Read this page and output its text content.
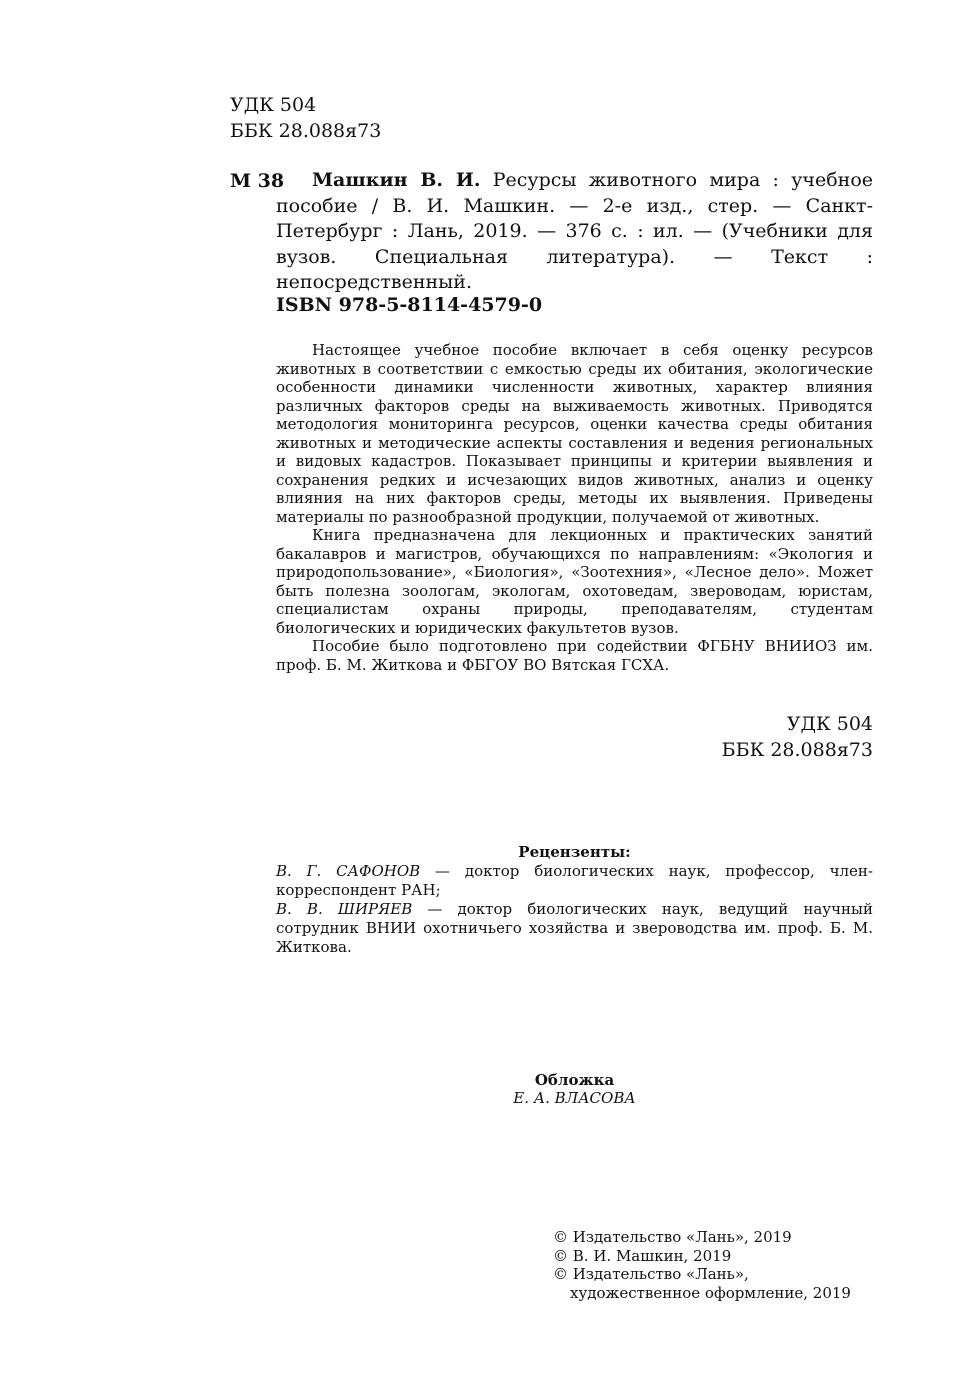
УДК 504
ББК 28.088я73
М 38	Машкин В. И. Ресурсы животного мира : учебное пособие / В. И. Машкин. — 2-е изд., стер. — Санкт-Петербург : Лань, 2019. — 376 с. : ил. — (Учебники для вузов. Специальная литература). — Текст : непосредственный.
ISBN 978-5-8114-4579-0

Настоящее учебное пособие включает в себя оценку ресурсов животных в соответствии с емкостью среды их обитания, экологические особенности динамики численности животных, характер влияния различных факторов среды на выживаемость животных. Приводятся методология мониторинга ресурсов, оценки качества среды обитания животных и методические аспекты составления и ведения региональных и видовых кадастров. Показывает принципы и критерии выявления и сохранения редких и исчезающих видов животных, анализ и оценку влияния на них факторов среды, методы их выявления. Приведены материалы по разнообразной продукции, получаемой от животных.

Книга предназначена для лекционных и практических занятий бакалавров и магистров, обучающихся по направлениям: «Экология и природопользование», «Биология», «Зоотехния», «Лесное дело». Может быть полезна зоологам, экологам, охотоведам, звероводам, юристам, специалистам охраны природы, преподавателям, студентам биологических и юридических факультетов вузов.

Пособие было подготовлено при содействии ФГБНУ ВНИИОЗ им. проф. Б. М. Житкова и ФБГОУ ВО Вятская ГСХА.

УДК 504
ББК 28.088я73

Рецензенты:

В. Г. САФОНОВ — доктор биологических наук, профессор, член-корреспондент РАН;

В. В. ШИРЯЕВ — доктор биологических наук, ведущий научный сотрудник ВНИИ охотничьего хозяйства и звероводства им. проф. Б. М. Житкова.

Обложка
Е. А. ВЛАСОВА
© Издательство «Лань», 2019
© В. И. Машкин, 2019
© Издательство «Лань»,
художественное оформление, 2019
